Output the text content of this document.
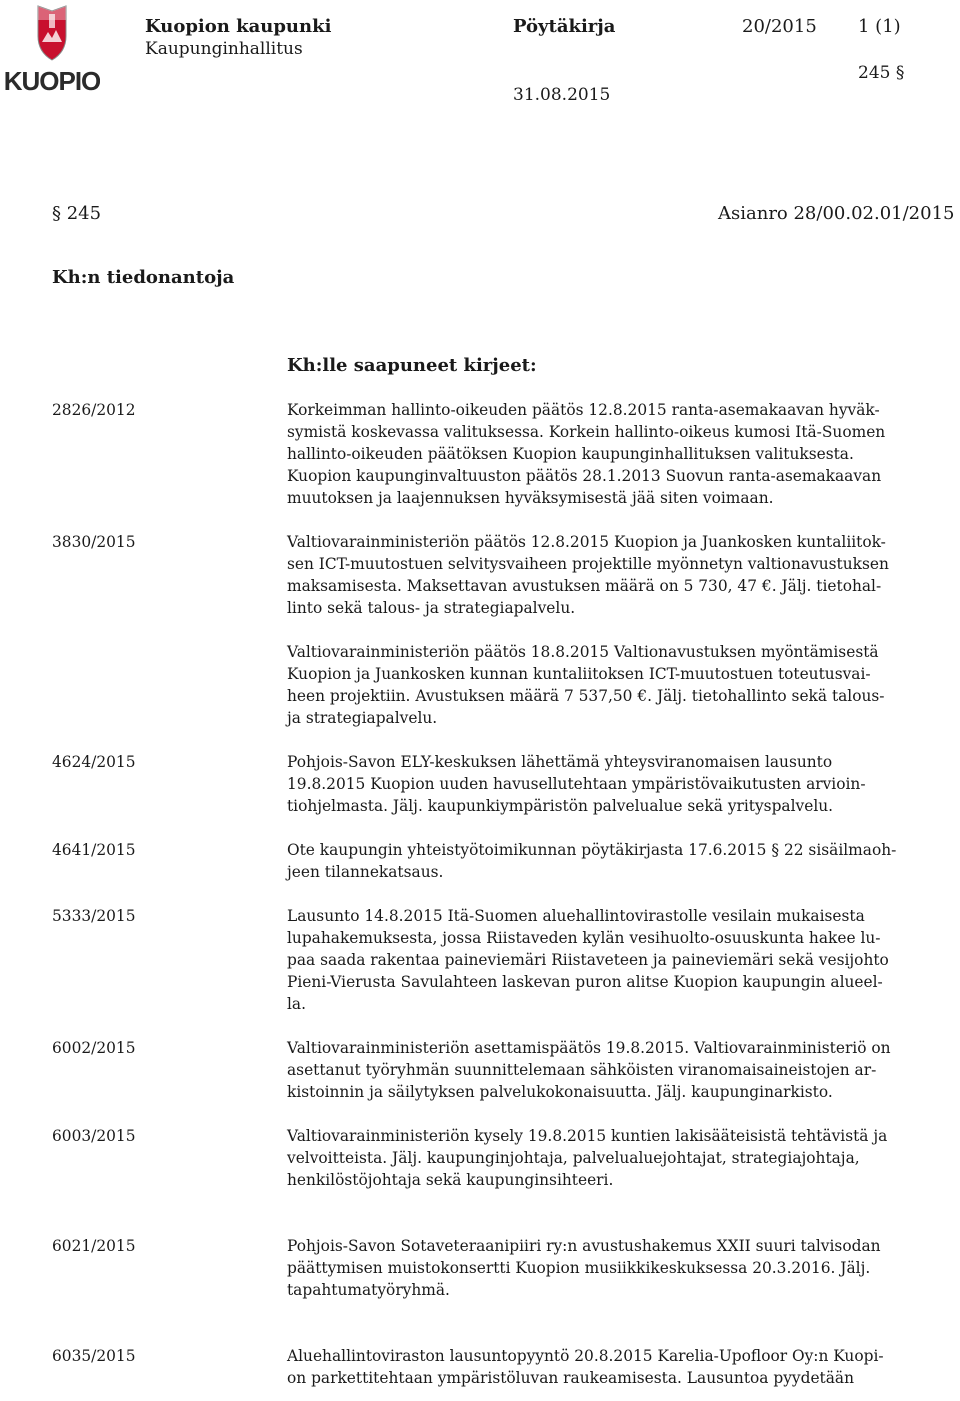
KUOPIO
Kuopion kaupunki
Kaupunginhallitus
Pöytäkirja	20/2015 1 (1)
245 §
31.08.2015
§ 245	Asianro 28/00.02.01/2015
Kh:n tiedonantoja
Kh:lle saapuneet kirjeet:
2826/2012	Korkeimman hallinto-oikeuden päätös 12.8.2015 ranta-asemakaavan hyväk-
symistä koskevassa valituksessa. Korkein hallinto-oikeus kumosi Itä-Suomen
hallinto-oikeuden päätöksen Kuopion kaupunginhallituksen valituksesta.
Kuopion kaupunginvaltuuston päätös 28.1.2013 Suovun ranta-asemakaavan
muutoksen ja laajennuksen hyväksymisestä jää siten voimaan.
3830/2015	Valtiovarainministeriön päätös 12.8.2015 Kuopion ja Juankosken kuntaliitok-
sen ICT-muutostuen selvitysvaiheen projektille myönnetyn valtionavustuksen
maksamisesta. Maksettavan avustuksen määrä on 5 730, 47 €. Jälj. tietohal-
linto sekä talous- ja strategiapalvelu.
Valtiovarainministeriön päätös 18.8.2015 Valtionavustuksen myöntämisestä
Kuopion ja Juankosken kunnan kuntaliitoksen ICT-muutostuen toteutusvai-
heen projektiin. Avustuksen määrä 7 537,50 €. Jälj. tietohallinto sekä talous-
ja strategiapalvelu.
4624/2015	Pohjois-Savon ELY-keskuksen lähettämä yhteysviranomaisen lausunto
19.8.2015 Kuopion uuden havusellutehtaan ympäristövaikutusten arvioin-
tiohjelmasta. Jälj. kaupunkiympäristön palvelualue sekä yrityspalvelu.
4641/2015	Ote kaupungin yhteistyötoimikunnan pöytäkirjasta 17.6.2015 § 22 sisäilmaoh-
jeen tilannekatsaus.
5333/2015	Lausunto 14.8.2015 Itä-Suomen aluehallintovirastolle vesilain mukaisesta
lupahakemuksesta, jossa Riistaveden kylän vesihuolto-osuuskunta hakee lu-
paa saada rakentaa paineviemäri Riistaveteen ja paineviemäri sekä vesijohto
Pieni-Vierusta Savulahteen laskevan puron alitse Kuopion kaupungin alueel-
la.
6002/2015	Valtiovarainministeriön asettamispäätös 19.8.2015. Valtiovarainministeriö on
asettanut työryhmän suunnittelemaan sähköisten viranomaisaineistojen ar-
kistoinnin ja säilytyksen palvelukokonaisuutta. Jälj. kaupunginarkisto.
6003/2015	Valtiovarainministeriön kysely 19.8.2015 kuntien lakisääteisistä tehtävistä ja
velvoitteista. Jälj. kaupunginjohtaja, palvelualuejohtajat, strategiajohtaja,
henkilöstöjohtaja sekä kaupunginsihteeri.
6021/2015	Pohjois-Savon Sotaveteraanipiiri ry:n avustushakemus XXII suuri talvisodan
päättymisen muistokonsertti Kuopion musiikkikeskuksessa 20.3.2016. Jälj.
tapahtumatyöryhmä.
6035/2015	Aluehallintoviraston lausuntopyyntö 20.8.2015 Karelia-Upofloor Oy:n Kuopi-
on parkettitehtaan ympäristöluvan raukeamisesta. Lausuntoa pyydetään
